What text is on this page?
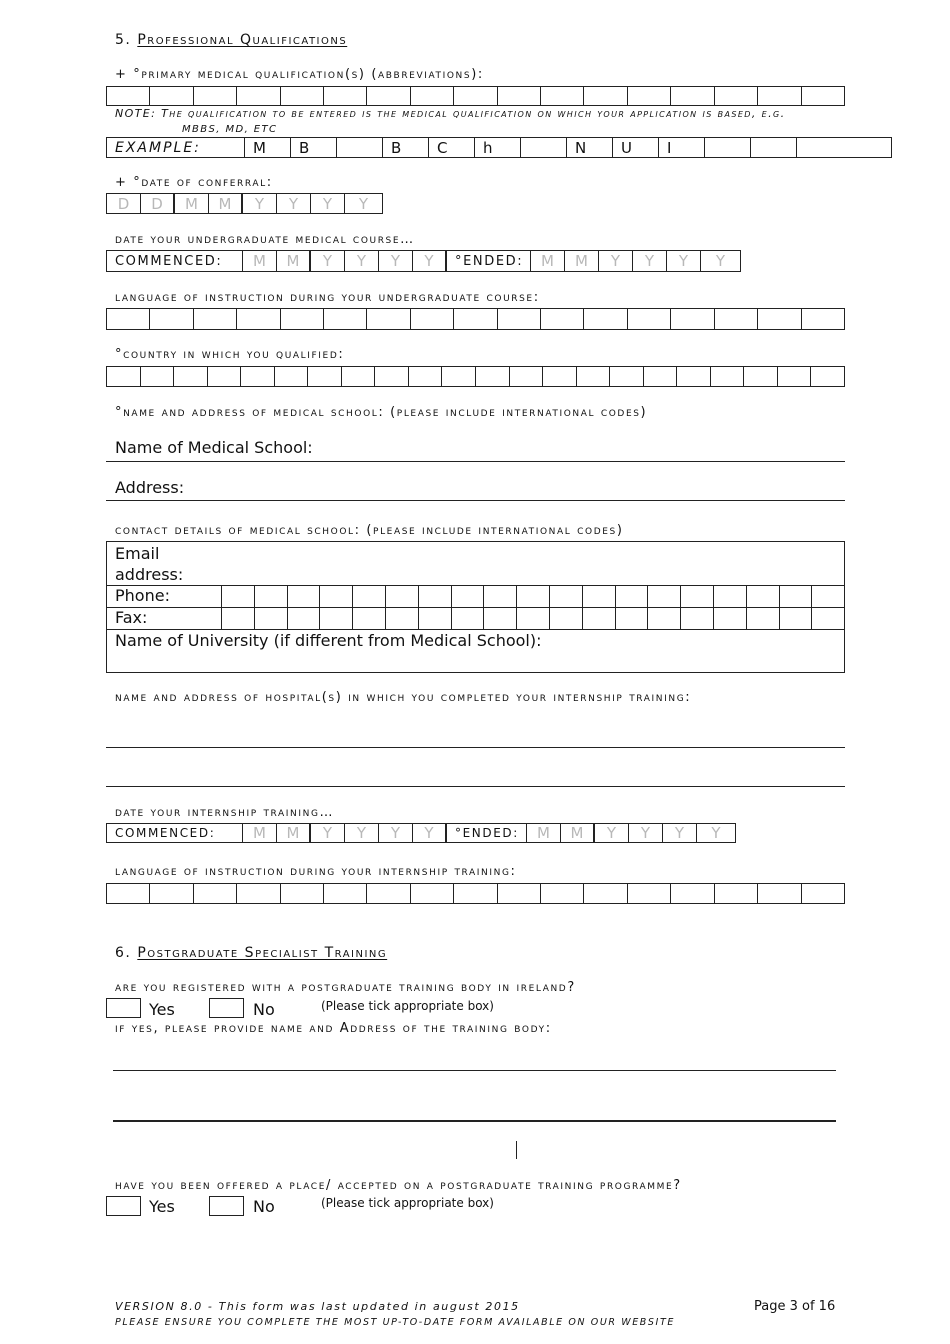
5. Professional Qualifications
+ °primary medical qualification(s) (abbreviations):
NOTE: The qualification to be entered is the medical qualification on which your application is based, e.g.
MBBS, MD, ETC
EXAMPLE:	M	B	B	C	h	N	U	I
+ °date of conferral:
D	D	M	M	Y	Y	Y	Y
date your undergraduate medical course…
COMMENCED:	M	M	Y	Y	Y	Y	°ENDED:	M	M	Y	Y	Y	Y
language of instruction during your undergraduate course:
°country in which you qualified:
°name and address of medical school: (please include international codes)
Name of Medical School:
Address:
contact details of medical school: (please include international codes)
Email
address:
Phone:
Fax:
Name of University (if different from Medical School):
name and address of hospital(s) in which you completed your internship training:
date your internship training…
COMMENCED:	M	M	Y	Y	Y	Y	°ENDED:	M	M	Y	Y	Y	Y
language of instruction during your internship training:
6. Postgraduate Specialist Training
are you registered with a postgraduate training body in ireland?
Yes	No	(Please tick appropriate box)
if yes, please provide name and Address of the training body:
have you been offered a place/ accepted on a postgraduate training programme?
Yes	No	(Please tick appropriate box)
VERSION 8.0 - This form was last updated in august 2015
PLEASE ENSURE YOU COMPLETE THE MOST UP-TO-DATE FORM AVAILABLE ON OUR WEBSITE
Page 3 of 16
